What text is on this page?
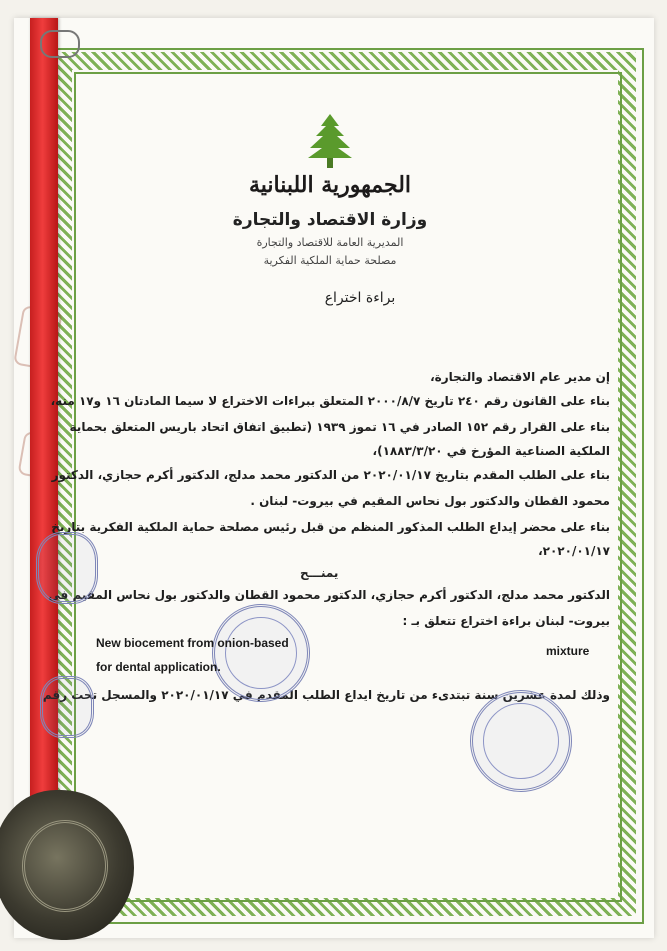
الجمهورية اللبنانية
وزارة الاقتصاد والتجارة
المديرية العامة للاقتصاد والتجارة
مصلحة حماية الملكية الفكرية
براءة اختراع
إن مدير عام الاقتصاد والتجارة،
بناء على القانون رقم ٢٤٠ تاريخ ٢٠٠٠/٨/٧ المتعلق ببراءات الاختراع لا سيما المادتان ١٦ و١٧ منه،
بناء على القرار رقم ١٥٢ الصادر في ١٦ تموز ١٩٣٩ (تطبيق اتفاق اتحاد باريس المتعلق بحماية
الملكية الصناعية المؤرخ في ١٨٨٣/٣/٢٠)،
بناء على الطلب المقدم بتاريخ ٢٠٢٠/٠١/١٧ من الدكتور محمد مدلج، الدكتور أكرم حجازي، الدكتور
محمود القطان والدكتور بول نحاس المقيم في بيروت- لبنان .
بناء على محضر إيداع الطلب المذكور المنظم من قبل رئيس مصلحة حماية الملكية الفكرية بتاريخ
٢٠٢٠/٠١/١٧،
الدكتور محمد مدلج، الدكتور أكرم حجازي، الدكتور محمود القطان والدكتور بول نحاس المقيم في
بيروت- لبنان براءة اختراع تتعلق بـ :
وذلك لمدة عشرين سنة تبتدىء من تاريخ ايداع الطلب المقدم في ٢٠٢٠/٠١/١٧ والمسجل تحت رقم
يمنـــح
New biocement from onion-based
for dental application.
mixture
